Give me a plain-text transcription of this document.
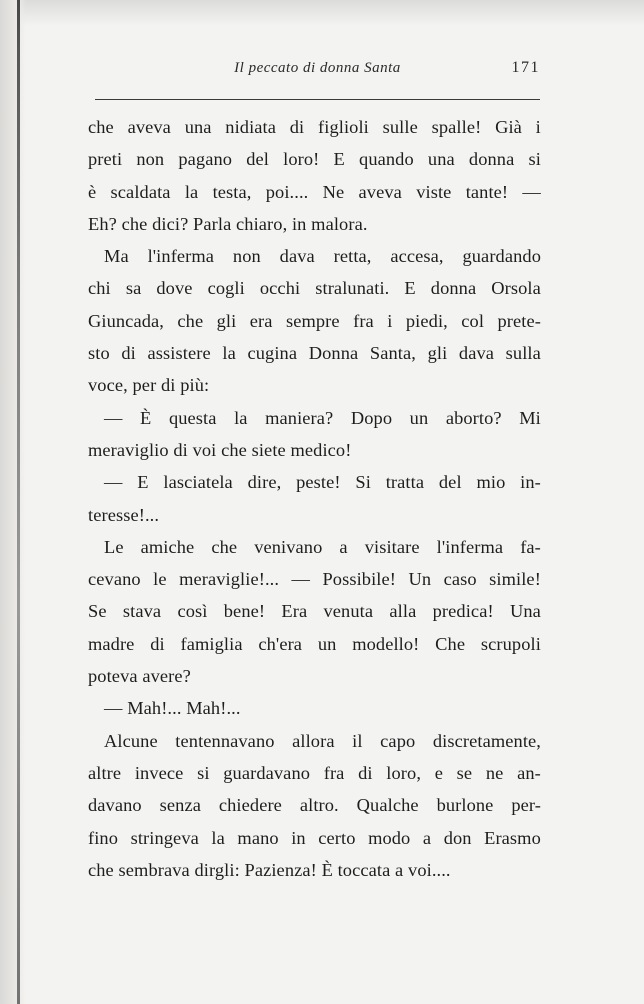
Il peccato di donna Santa	171
che aveva una nidiata di figlioli sulle spalle! Già i
preti non pagano del loro! E quando una donna si
è scaldata la testa, poi.... Ne aveva viste tante! —
Eh? che dici? Parla chiaro, in malora.
Ma l'inferma non dava retta, accesa, guardando
chi sa dove cogli occhi stralunati. E donna Orsola
Giuncada, che gli era sempre fra i piedi, col prete-
sto di assistere la cugina Donna Santa, gli dava sulla
voce, per di più:
— È questa la maniera? Dopo un aborto? Mi
meraviglio di voi che siete medico!
— E lasciatela dire, peste! Si tratta del mio in-
teresse!...
Le amiche che venivano a visitare l'inferma fa-
cevano le meraviglie!... — Possibile! Un caso simile!
Se stava così bene! Era venuta alla predica! Una
madre di famiglia ch'era un modello! Che scrupoli
poteva avere?
— Mah!... Mah!...
Alcune tentennavano allora il capo discretamente,
altre invece si guardavano fra di loro, e se ne an-
davano senza chiedere altro. Qualche burlone per-
fino stringeva la mano in certo modo a don Erasmo
che sembrava dirgli: Pazienza! È toccata a voi....
